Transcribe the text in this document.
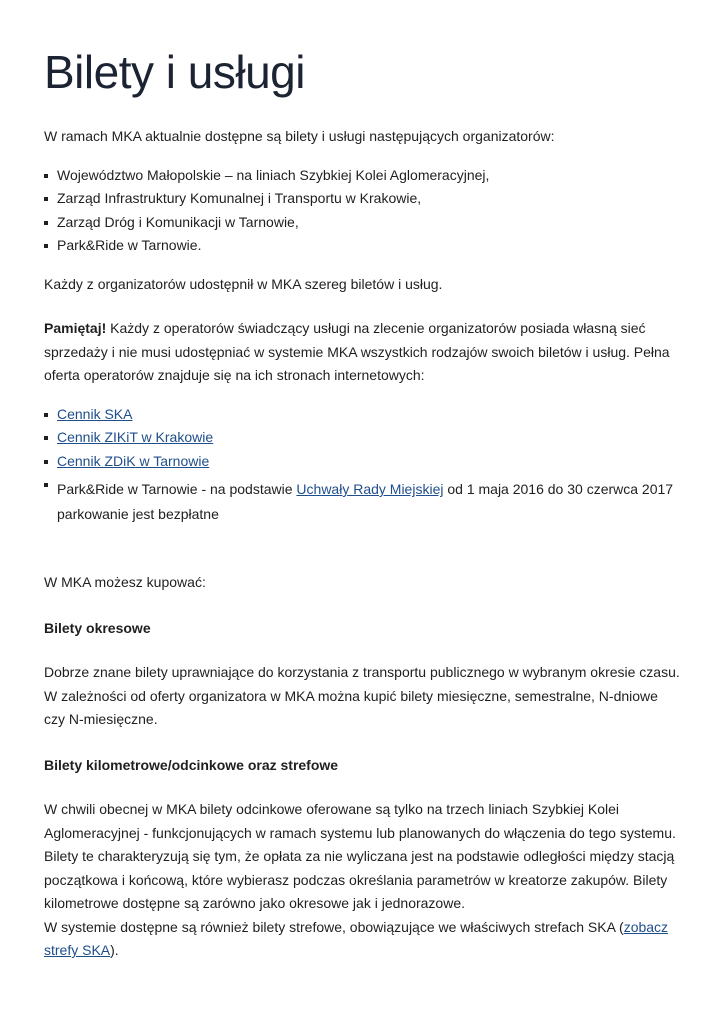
Bilety i usługi

W ramach MKA aktualnie dostępne są bilety i usługi następujących organizatorów:

Województwo Małopolskie – na liniach Szybkiej Kolei Aglomeracyjnej,
Zarząd Infrastruktury Komunalnej i Transportu w Krakowie,
Zarząd Dróg i Komunikacji w Tarnowie,
Park&Ride w Tarnowie.

Każdy z organizatorów udostępnił w MKA szereg biletów i usług.

Pamiętaj! Każdy z operatorów świadczący usługi na zlecenie organizatorów posiada własną sieć sprzedaży i nie musi udostępniać w systemie MKA wszystkich rodzajów swoich biletów i usług. Pełna oferta operatorów znajduje się na ich stronach internetowych:

Cennik SKA
Cennik ZIKiT w Krakowie
Cennik ZDiK w Tarnowie
Park&Ride w Tarnowie - na podstawie Uchwały Rady Miejskiej od 1 maja 2016 do 30 czerwca 2017 parkowanie jest bezpłatne

W MKA możesz kupować:

Bilety okresowe

Dobrze znane bilety uprawniające do korzystania z transportu publicznego w wybranym okresie czasu. W zależności od oferty organizatora w MKA można kupić bilety miesięczne, semestralne, N-dniowe czy N-miesięczne.

Bilety kilometrowe/odcinkowe oraz strefowe

W chwili obecnej w MKA bilety odcinkowe oferowane są tylko na trzech liniach Szybkiej Kolei Aglomeracyjnej - funkcjonujących w ramach systemu lub planowanych do włączenia do tego systemu. Bilety te charakteryzują się tym, że opłata za nie wyliczana jest na podstawie odległości między stacją początkowa i końcową, które wybierasz podczas określania parametrów w kreatorze zakupów. Bilety kilometrowe dostępne są zarówno jako okresowe jak i jednorazowe.

W systemie dostępne są również bilety strefowe, obowiązujące we właściwych strefach SKA (zobacz strefy SKA).
